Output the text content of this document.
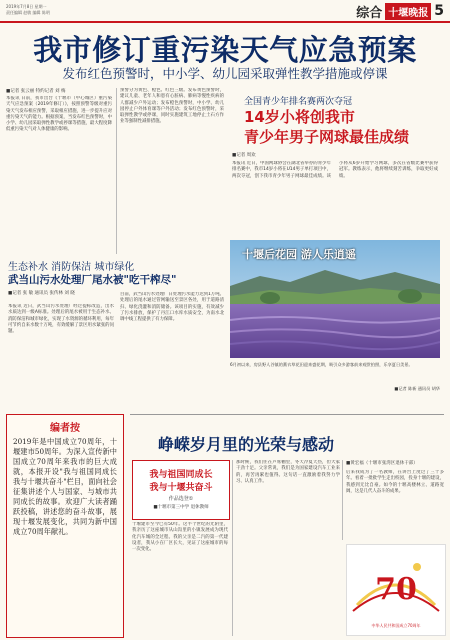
2019年7月8日 星期一
责任编辑 赵敏 编辑 陈明	综合 十堰晚报 5
我市修订重污染天气应急预案
发布红色预警时，中小学、幼儿园采取弹性教学措施或停课
■记者 张云丽 特约记者 刘 梅
本报讯 日前，我市出台《十堰市（中心城区）重污染天气应急预案（2019年修订）》，按照预警等级对重污染天气发布相应预警，采取相应措施，进一步提升应对重污染天气的能力。根据预案，当发布红色预警时，中小学、幼儿园采取弹性教学或停课等措施，最大程度降低重污染天气对人体健康的影响。
预警分为黄色、橙色、红色三级。发布黄色预警时，建议儿童、老年人和患有心脏病、肺病等慢性疾病的人群减少户外运动；发布橙色预警时，中小学、幼儿园停止户外体育课等户外活动；发布红色预警时，采取弹性教学或停课，同时实施建筑工地停止土石方作业等强制性减排措施。
全国青少年排名赛两次夺冠
14岁小将创我市
青少年男子网球最佳成绩
■记者 周欢
本报讯 近日，中国网球协会在湖北省举办的青少年排名赛中，我市14岁小将在U14男子单打项目中，两次夺冠，创下我市青少年男子网球最佳成绩。该小将从6岁开始学习网球，多次在省级比赛中获得冠军。教练表示，他将继续刻苦训练，争取更好成绩。
十堰后花园 游人乐逍遥
6月初以来，房县野人谷镇的薰衣草花田迎来盛花期，吸引众多游客前来观赏拍照，乐享夏日美景。
■记者 陈新 通讯员 胡华
生态补水 消防保洁 城市绿化
武当山污水处理厂尾水被"吃干榨尽"
■记者 张 敏 通讯员 张传林 刘 晓
本报讯 近日，武当山污水处理厂经过提标改造，出水水质达到一级A标准。处理后的尾水被用于生态补水、消防保洁和城市绿化，实现了水资源的循环利用，每年可节约自来水数十万吨，有效缓解了景区用水紧张的问题。
目前，武当山污水处理厂日处理污水能力达到1万吨。处理后的尾水通过管网输送至景区各处，用于道路清扫、绿化浇灌和消防储备。该项目的实施，有效减少了污水排放，保护了丹江口水库水质安全，为南水北调中线工程提供了有力保障。
编者按
2019年是中国成立70周年，十堰建市50周年。为深入宣传新中国成立70周年来我市的巨大成就，本报开设"我与祖国同成长 我与十堰共奋斗"栏目，面向社会征集讲述个人与国家、与城市共同成长的故事。欢迎广大读者踊跃投稿，讲述您的奋斗故事，展现十堰发展变化，共同为新中国成立70周年献礼。
峥嵘岁月里的光荣与感动
我与祖国同成长
我与十堰共奋斗
作品选登①
■十堰市第三中学 退休教师
十堰建市至今已有50年。这半个世纪的光阴里，我亲历了这座城市从山沟里的小镇发展成为现代化汽车城的全过程。我的父亲是二汽的第一代建设者，我从小在厂区长大，见证了这座城市的每一次变化。
那时候，我们住在芦席棚里，冬天冷夏天热，但大家干劲十足。父亲常说，我们是为国家建设汽车工业来的，再苦再累也值得。这句话一直激励着我努力学习、认真工作。
■黄宏福（十堰市张湾区退休干部）
后来我成为了一名教师，在讲台上度过了三十多年。看着一批批学生走出校园，投身十堰的建设，我感到无比自豪。如今的十堰高楼林立、道路宽阔，这是几代人奋斗的成果。
70
中华人民共和国成立70周年
